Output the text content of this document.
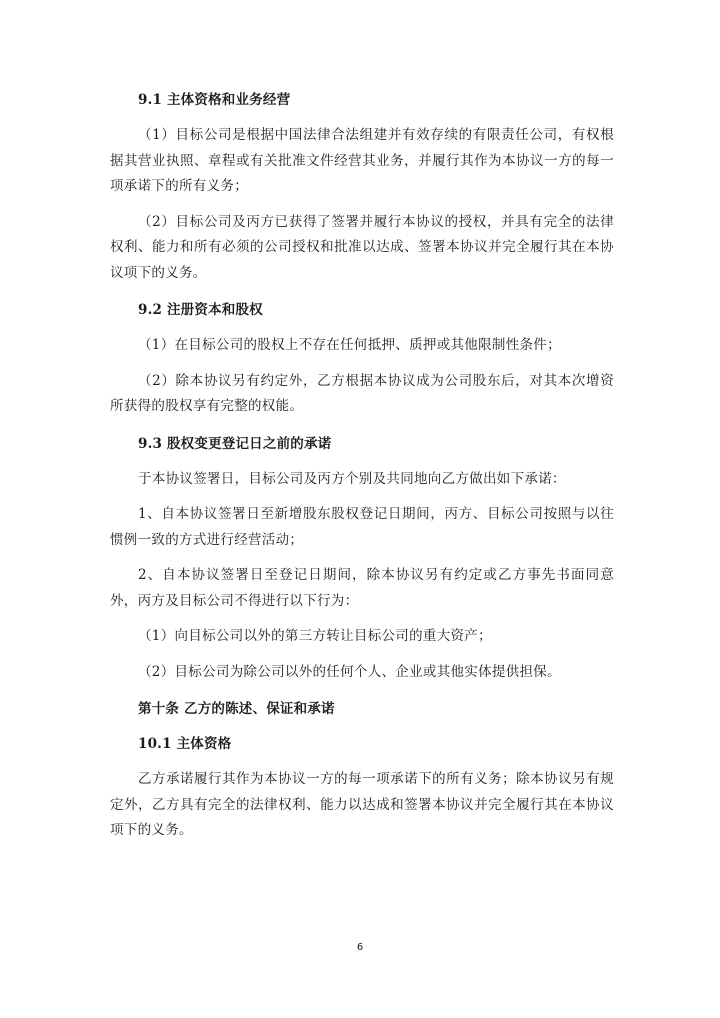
9.1 主体资格和业务经营

（1）目标公司是根据中国法律合法组建并有效存续的有限责任公司，有权根据其营业执照、章程或有关批准文件经营其业务，并履行其作为本协议一方的每一项承诺下的所有义务；

（2）目标公司及丙方已获得了签署并履行本协议的授权，并具有完全的法律权利、能力和所有必须的公司授权和批准以达成、签署本协议并完全履行其在本协议项下的义务。

9.2 注册资本和股权

（1）在目标公司的股权上不存在任何抵押、质押或其他限制性条件；

（2）除本协议另有约定外，乙方根据本协议成为公司股东后，对其本次增资所获得的股权享有完整的权能。

9.3 股权变更登记日之前的承诺

于本协议签署日，目标公司及丙方个别及共同地向乙方做出如下承诺：

1、自本协议签署日至新增股东股权登记日期间，丙方、目标公司按照与以往惯例一致的方式进行经营活动；

2、自本协议签署日至登记日期间，除本协议另有约定或乙方事先书面同意外，丙方及目标公司不得进行以下行为：

（1）向目标公司以外的第三方转让目标公司的重大资产；

（2）目标公司为除公司以外的任何个人、企业或其他实体提供担保。

第十条 乙方的陈述、保证和承诺

10.1 主体资格

乙方承诺履行其作为本协议一方的每一项承诺下的所有义务；除本协议另有规定外，乙方具有完全的法律权利、能力以达成和签署本协议并完全履行其在本协议项下的义务。

6
